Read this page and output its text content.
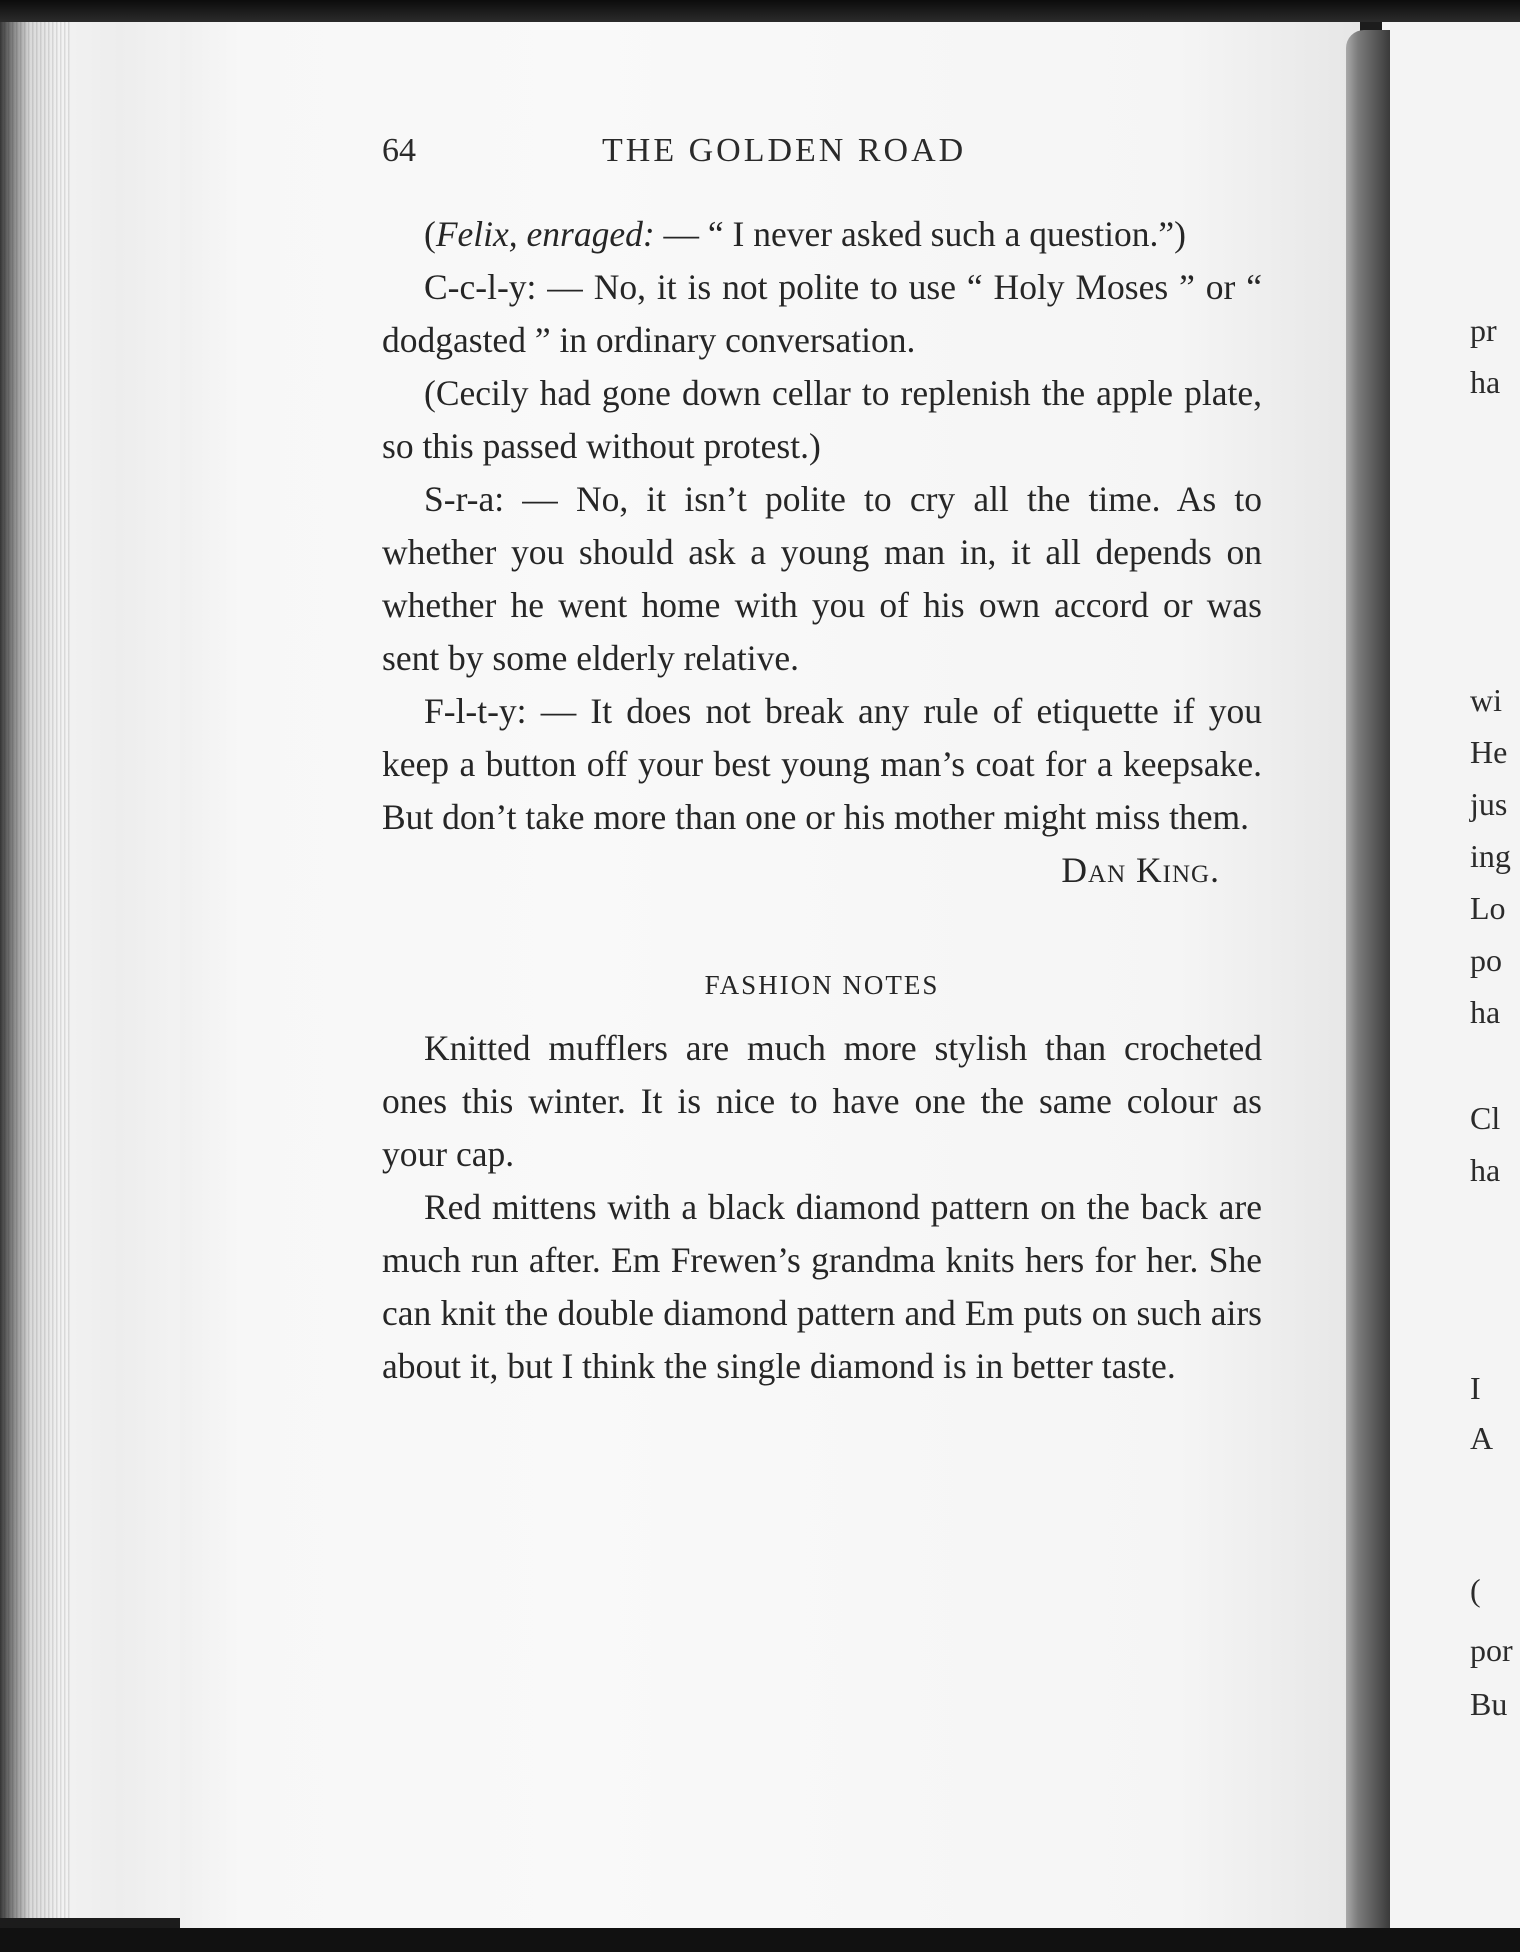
64	THE GOLDEN ROAD

(Felix, enraged: — “ I never asked such a question.”)

C-c-l-y: — No, it is not polite to use “ Holy Moses ” or “ dodgasted ” in ordinary conversation.

(Cecily had gone down cellar to replenish the apple plate, so this passed without protest.)

S-r-a: — No, it isn’t polite to cry all the time. As to whether you should ask a young man in, it all depends on whether he went home with you of his own accord or was sent by some elderly relative.

F-l-t-y: — It does not break any rule of etiquette if you keep a button off your best young man’s coat for a keepsake. But don’t take more than one or his mother might miss them.

Dan King.

FASHION NOTES

Knitted mufflers are much more stylish than crocheted ones this winter. It is nice to have one the same colour as your cap.

Red mittens with a black diamond pattern on the back are much run after. Em Frewen’s grandma knits hers for her. She can knit the double diamond pattern and Em puts on such airs about it, but I think the single diamond is in better taste.

pr
ha
wi
He
jus
ing
Lo
po
ha
Cl
ha
I
A
(
por
Bu
